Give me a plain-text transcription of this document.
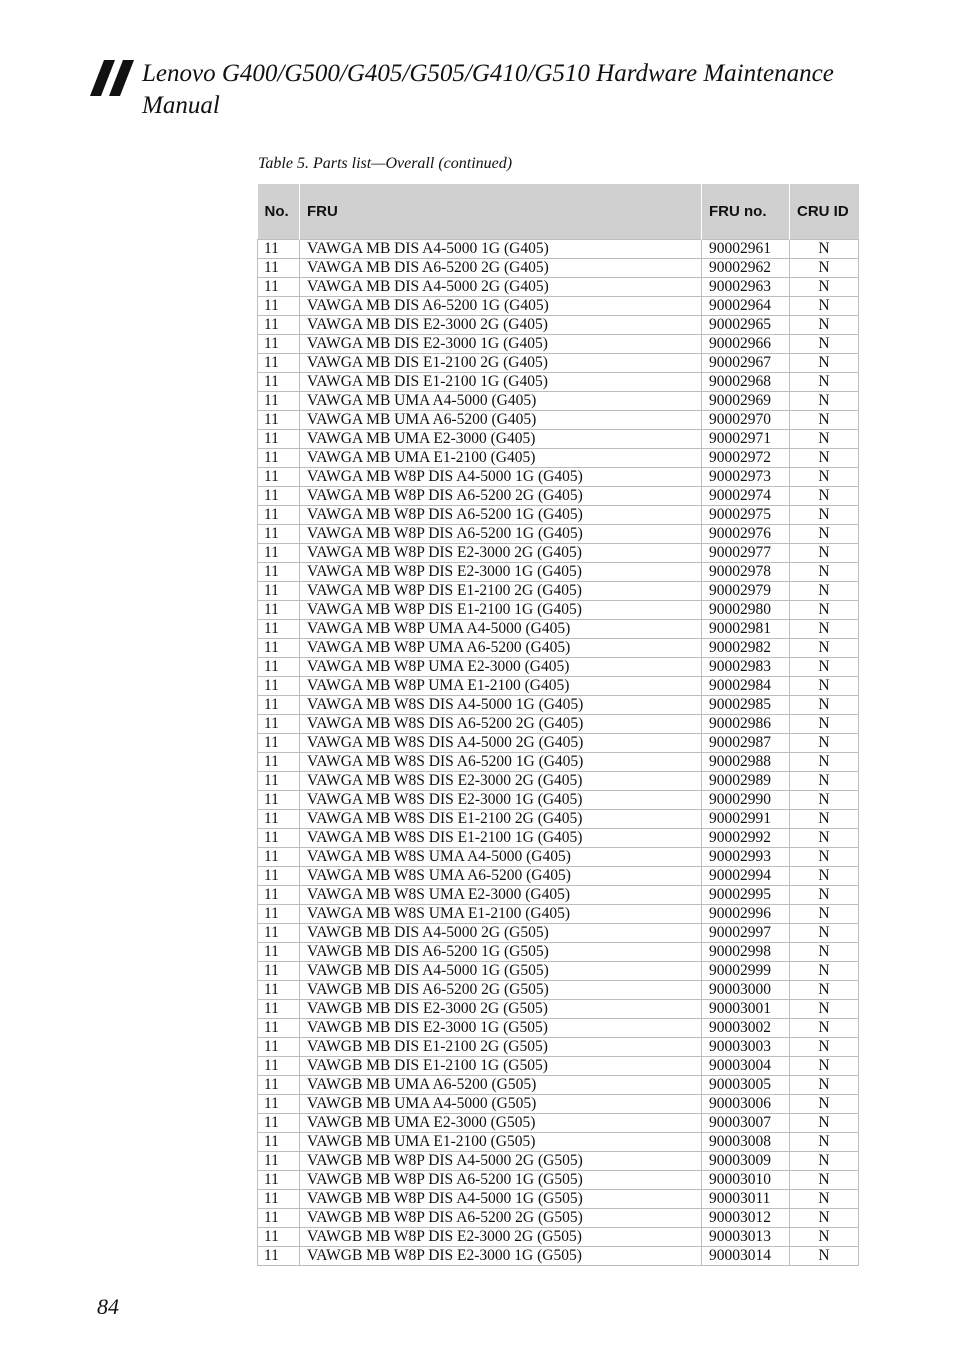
Lenovo G400/G500/G405/G505/G410/G510 Hardware Maintenance Manual
Table 5. Parts list—Overall (continued)
No.	FRU	FRU no.	CRU ID
11	VAWGA MB DIS A4-5000 1G (G405)	90002961	N
11	VAWGA MB DIS A6-5200 2G (G405)	90002962	N
11	VAWGA MB DIS A4-5000 2G (G405)	90002963	N
11	VAWGA MB DIS A6-5200 1G (G405)	90002964	N
11	VAWGA MB DIS E2-3000 2G (G405)	90002965	N
11	VAWGA MB DIS E2-3000 1G (G405)	90002966	N
11	VAWGA MB DIS E1-2100 2G (G405)	90002967	N
11	VAWGA MB DIS E1-2100 1G (G405)	90002968	N
11	VAWGA MB UMA A4-5000 (G405)	90002969	N
11	VAWGA MB UMA A6-5200 (G405)	90002970	N
11	VAWGA MB UMA E2-3000 (G405)	90002971	N
11	VAWGA MB UMA E1-2100 (G405)	90002972	N
11	VAWGA MB W8P DIS A4-5000 1G (G405)	90002973	N
11	VAWGA MB W8P DIS A6-5200 2G (G405)	90002974	N
11	VAWGA MB W8P DIS A6-5200 1G (G405)	90002975	N
11	VAWGA MB W8P DIS A6-5200 1G (G405)	90002976	N
11	VAWGA MB W8P DIS E2-3000 2G (G405)	90002977	N
11	VAWGA MB W8P DIS E2-3000 1G (G405)	90002978	N
11	VAWGA MB W8P DIS E1-2100 2G (G405)	90002979	N
11	VAWGA MB W8P DIS E1-2100 1G (G405)	90002980	N
11	VAWGA MB W8P UMA A4-5000 (G405)	90002981	N
11	VAWGA MB W8P UMA A6-5200 (G405)	90002982	N
11	VAWGA MB W8P UMA E2-3000 (G405)	90002983	N
11	VAWGA MB W8P UMA E1-2100 (G405)	90002984	N
11	VAWGA MB W8S DIS A4-5000 1G (G405)	90002985	N
11	VAWGA MB W8S DIS A6-5200 2G (G405)	90002986	N
11	VAWGA MB W8S DIS A4-5000 2G (G405)	90002987	N
11	VAWGA MB W8S DIS A6-5200 1G (G405)	90002988	N
11	VAWGA MB W8S DIS E2-3000 2G (G405)	90002989	N
11	VAWGA MB W8S DIS E2-3000 1G (G405)	90002990	N
11	VAWGA MB W8S DIS E1-2100 2G (G405)	90002991	N
11	VAWGA MB W8S DIS E1-2100 1G (G405)	90002992	N
11	VAWGA MB W8S UMA A4-5000 (G405)	90002993	N
11	VAWGA MB W8S UMA A6-5200 (G405)	90002994	N
11	VAWGA MB W8S UMA E2-3000 (G405)	90002995	N
11	VAWGA MB W8S UMA E1-2100 (G405)	90002996	N
11	VAWGB MB DIS A4-5000 2G (G505)	90002997	N
11	VAWGB MB DIS A6-5200 1G (G505)	90002998	N
11	VAWGB MB DIS A4-5000 1G (G505)	90002999	N
11	VAWGB MB DIS A6-5200 2G (G505)	90003000	N
11	VAWGB MB DIS E2-3000 2G (G505)	90003001	N
11	VAWGB MB DIS E2-3000 1G (G505)	90003002	N
11	VAWGB MB DIS E1-2100 2G (G505)	90003003	N
11	VAWGB MB DIS E1-2100 1G (G505)	90003004	N
11	VAWGB MB UMA A6-5200 (G505)	90003005	N
11	VAWGB MB UMA A4-5000 (G505)	90003006	N
11	VAWGB MB UMA E2-3000 (G505)	90003007	N
11	VAWGB MB UMA E1-2100 (G505)	90003008	N
11	VAWGB MB W8P DIS A4-5000 2G (G505)	90003009	N
11	VAWGB MB W8P DIS A6-5200 1G (G505)	90003010	N
11	VAWGB MB W8P DIS A4-5000 1G (G505)	90003011	N
11	VAWGB MB W8P DIS A6-5200 2G (G505)	90003012	N
11	VAWGB MB W8P DIS E2-3000 2G (G505)	90003013	N
11	VAWGB MB W8P DIS E2-3000 1G (G505)	90003014	N
84
